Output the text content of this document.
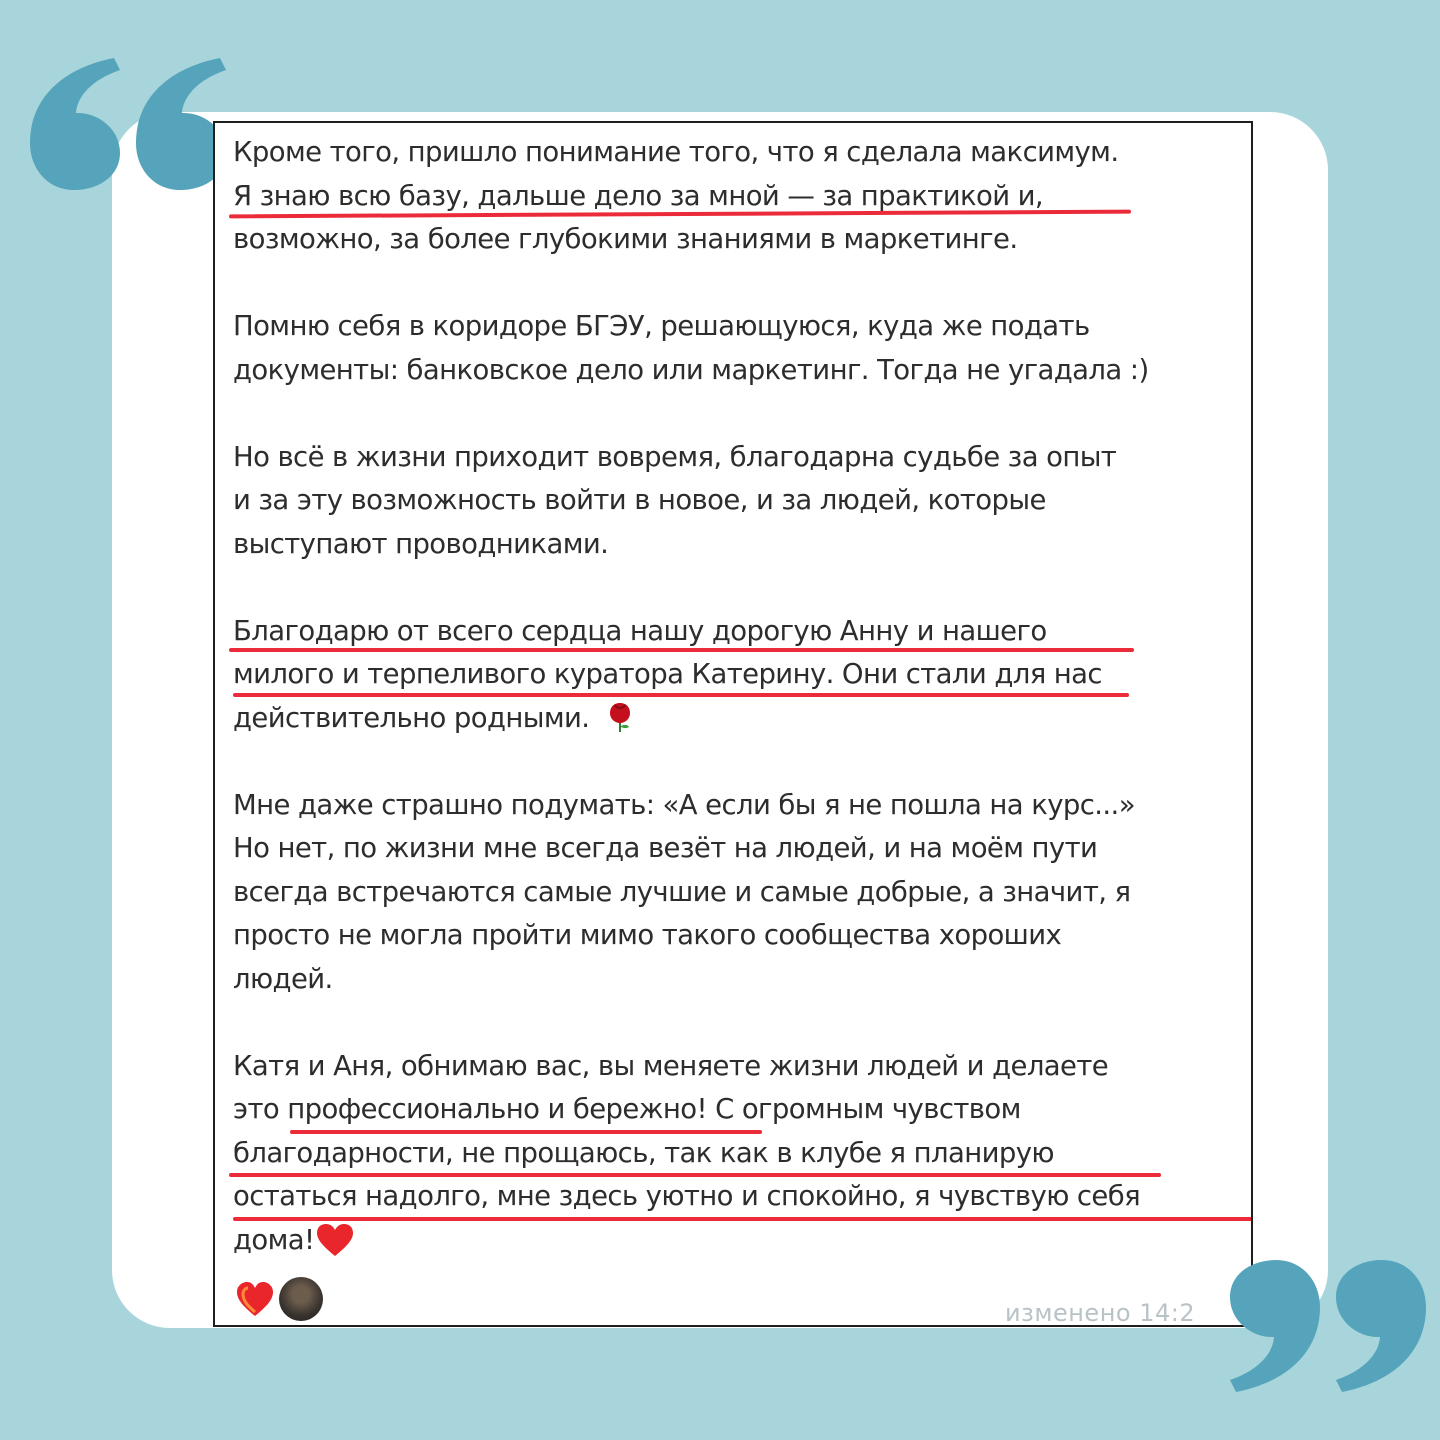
Кроме того, пришло понимание того, что я сделала максимум.
Я знаю всю базу, дальше дело за мной — за практикой и,
возможно, за более глубокими знаниями в маркетинге.

Помню себя в коридоре БГЭУ, решающуюся, куда же подать
документы: банковское дело или маркетинг. Тогда не угадала :)

Но всё в жизни приходит вовремя, благодарна судьбе за опыт
и за эту возможность войти в новое, и за людей, которые
выступают проводниками.

Благодарю от всего сердца нашу дорогую Анну и нашего
милого и терпеливого куратора Катерину. Они стали для нас
действительно родными.

Мне даже страшно подумать: «А если бы я не пошла на курс...»
Но нет, по жизни мне всегда везёт на людей, и на моём пути
всегда встречаются самые лучшие и самые добрые, а значит, я
просто не могла пройти мимо такого сообщества хороших
людей.

Катя и Аня, обнимаю вас, вы меняете жизни людей и делаете
это профессионально и бережно! С огромным чувством
благодарности, не прощаюсь, так как в клубе я планирую
остаться надолго, мне здесь уютно и спокойно, я чувствую себя
дома!

изменено 14:2
